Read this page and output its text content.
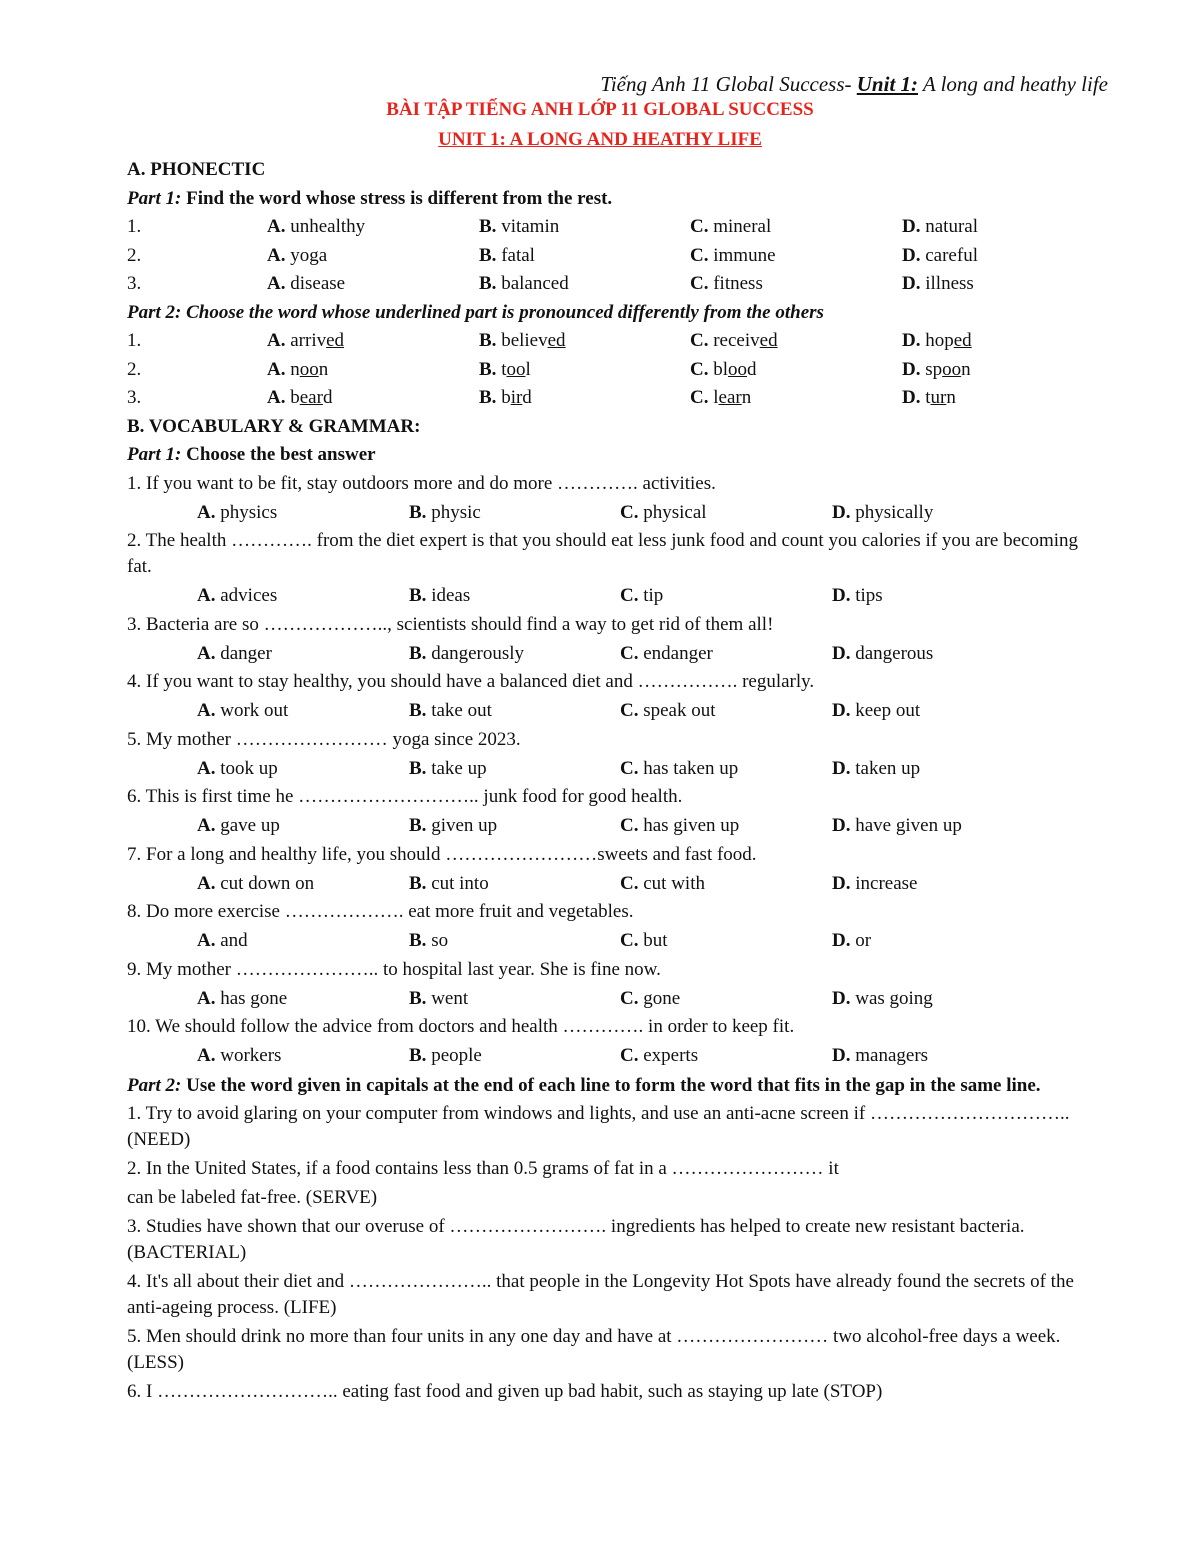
Tiếng Anh 11 Global Success- Unit 1: A long and heathy life
BÀI TẬP TIẾNG ANH LỚP 11 GLOBAL SUCCESS
UNIT 1: A LONG AND HEATHY LIFE
A. PHONECTIC
Part 1: Find the word whose stress is different from the rest.
1.	A. unhealthy	B. vitamin	C. mineral	D. natural
2.	A. yoga	B. fatal	C. immune	D. careful
3.	A. disease	B. balanced	C. fitness	D. illness
Part 2: Choose the word whose underlined part is pronounced differently from the others
1.	A. arrived	B. believed	C. received	D. hoped
2.	A. noon	B. tool	C. blood	D. spoon
3.	A. beard	B. bird	C. learn	D. turn
B. VOCABULARY & GRAMMAR:
Part 1: Choose the best answer
1. If you want to be fit, stay outdoors more and do more …………. activities.
A. physics	B. physic	C. physical	D. physically
2. The health …………. from the diet expert is that you should eat less junk food and count you calories if you are becoming fat.
A. advices	B. ideas	C. tip	D. tips
3. Bacteria are so ……………….., scientists should find a way to get rid of them all!
A. danger	B. dangerously	C. endanger	D. dangerous
4. If you want to stay healthy, you should have a balanced diet and ……………. regularly.
A. work out	B. take out	C. speak out	D. keep out
5. My mother …………………… yoga since 2023.
A. took up	B. take up	C. has taken up	D. taken up
6. This is first time he ……………………….. junk food for good health.
A. gave up	B. given up	C. has given up	D. have given up
7. For a long and healthy life, you should ……………………sweets and fast food.
A. cut down on	B. cut into	C. cut with	D. increase
8. Do more exercise ………………. eat more fruit and vegetables.
A. and	B. so	C. but	D. or
9. My mother ………………….. to hospital last year. She is fine now.
A. has gone	B. went	C. gone	D. was going
10. We should follow the advice from doctors and health …………. in order to keep fit.
A. workers	B. people	C. experts	D. managers
Part 2: Use the word given in capitals at the end of each line to form the word that fits in the gap in the same line.
1. Try to avoid glaring on your computer from windows and lights, and use an anti-acne screen if ………………………….. (NEED)
2. In the United States, if a food contains less than 0.5 grams of fat in a …………………… it
can be labeled fat-free. (SERVE)
3. Studies have shown that our overuse of ……………………. ingredients has helped to create new resistant bacteria. (BACTERIAL)
4. It's all about their diet and ………………….. that people in the Longevity Hot Spots have already found the secrets of the anti-ageing process. (LIFE)
5. Men should drink no more than four units in any one day and have at …………………… two alcohol-free days a week. (LESS)
6. I ……………………….. eating fast food and given up bad habit, such as staying up late (STOP)
